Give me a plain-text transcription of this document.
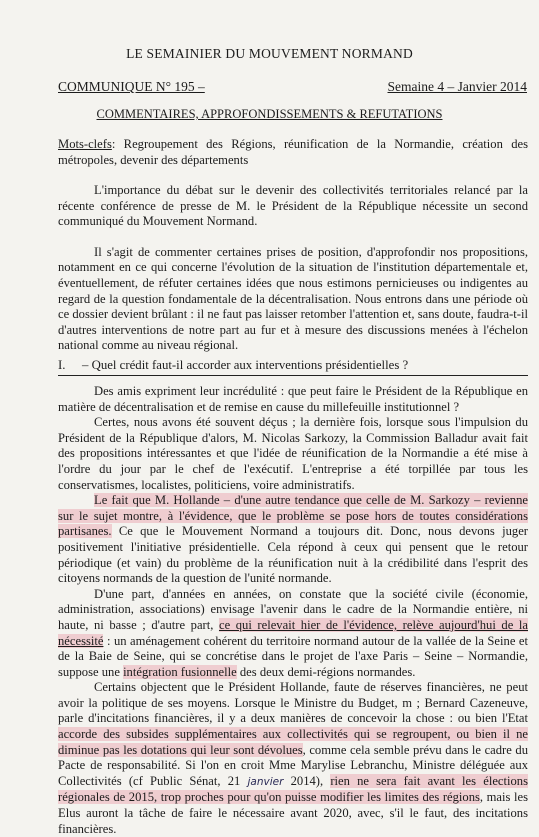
LE SEMAINIER DU MOUVEMENT NORMAND
COMMUNIQUE N° 195 –	Semaine 4 – Janvier 2014
COMMENTAIRES, APPROFONDISSEMENTS & REFUTATIONS

Mots-clefs: Regroupement des Régions, réunification de la Normandie, création des métropoles, devenir des départements

L'importance du débat sur le devenir des collectivités territoriales relancé par la récente conférence de presse de M. le Président de la République nécessite un second communiqué du Mouvement Normand.

Il s'agit de commenter certaines prises de position, d'approfondir nos propositions, notamment en ce qui concerne l'évolution de la situation de l'institution départementale et, éventuellement, de réfuter certaines idées que nous estimons pernicieuses ou indigentes au regard de la question fondamentale de la décentralisation. Nous entrons dans une période où ce dossier devient brûlant : il ne faut pas laisser retomber l'attention et, sans doute, faudra-t-il d'autres interventions de notre part au fur et à mesure des discussions menées à l'échelon national comme au niveau régional.

I. – Quel crédit faut-il accorder aux interventions présidentielles ?

Des amis expriment leur incrédulité : que peut faire le Président de la République en matière de décentralisation et de remise en cause du millefeuille institutionnel ?

Certes, nous avons été souvent déçus ; la dernière fois, lorsque sous l'impulsion du Président de la République d'alors, M. Nicolas Sarkozy, la Commission Balladur avait fait des propositions intéressantes et que l'idée de réunification de la Normandie a été mise à l'ordre du jour par le chef de l'exécutif. L'entreprise a été torpillée par tous les conservatismes, localistes, politiciens, voire administratifs.

Le fait que M. Hollande – d'une autre tendance que celle de M. Sarkozy – revienne sur le sujet montre, à l'évidence, que le problème se pose hors de toutes considérations partisanes. Ce que le Mouvement Normand a toujours dit. Donc, nous devons juger positivement l'initiative présidentielle. Cela répond à ceux qui pensent que le retour périodique (et vain) du problème de la réunification nuit à la crédibilité dans l'esprit des citoyens normands de la question de l'unité normande.

D'une part, d'années en années, on constate que la société civile (économie, administration, associations) envisage l'avenir dans le cadre de la Normandie entière, ni haute, ni basse ; d'autre part, ce qui relevait hier de l'évidence, relève aujourd'hui de la nécessité : un aménagement cohérent du territoire normand autour de la vallée de la Seine et de la Baie de Seine, qui se concrétise dans le projet de l'axe Paris – Seine – Normandie, suppose une intégration fusionnelle des deux demi-régions normandes.

Certains objectent que le Président Hollande, faute de réserves financières, ne peut avoir la politique de ses moyens. Lorsque le Ministre du Budget, m ; Bernard Cazeneuve, parle d'incitations financières, il y a deux manières de concevoir la chose : ou bien l'Etat accorde des subsides supplémentaires aux collectivités qui se regroupent, ou bien il ne diminue pas les dotations qui leur sont dévolues, comme cela semble prévu dans le cadre du Pacte de responsabilité. Si l'on en croit Mme Marylise Lebranchu, Ministre déléguée aux Collectivités (cf Public Sénat, 21 janvier 2014), rien ne sera fait avant les élections régionales de 2015, trop proches pour qu'on puisse modifier les limites des régions, mais les Elus auront la tâche de faire le nécessaire avant 2020, avec, s'il le faut, des incitations financières.
